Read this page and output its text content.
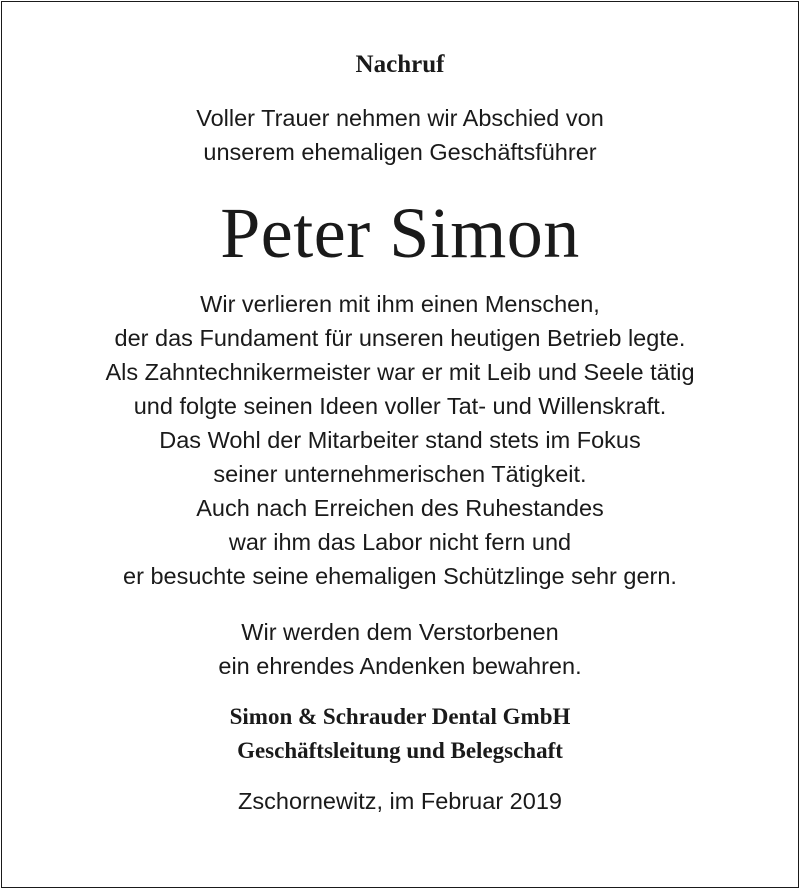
Nachruf
Voller Trauer nehmen wir Abschied von
unserem ehemaligen Geschäftsführer
Peter Simon
Wir verlieren mit ihm einen Menschen,
der das Fundament für unseren heutigen Betrieb legte.
Als Zahntechnikermeister war er mit Leib und Seele tätig
und folgte seinen Ideen voller Tat- und Willenskraft.
Das Wohl der Mitarbeiter stand stets im Fokus
seiner unternehmerischen Tätigkeit.
Auch nach Erreichen des Ruhestandes
war ihm das Labor nicht fern und
er besuchte seine ehemaligen Schützlinge sehr gern.
Wir werden dem Verstorbenen
ein ehrendes Andenken bewahren.
Simon & Schrauder Dental GmbH
Geschäftsleitung und Belegschaft
Zschornewitz, im Februar 2019
